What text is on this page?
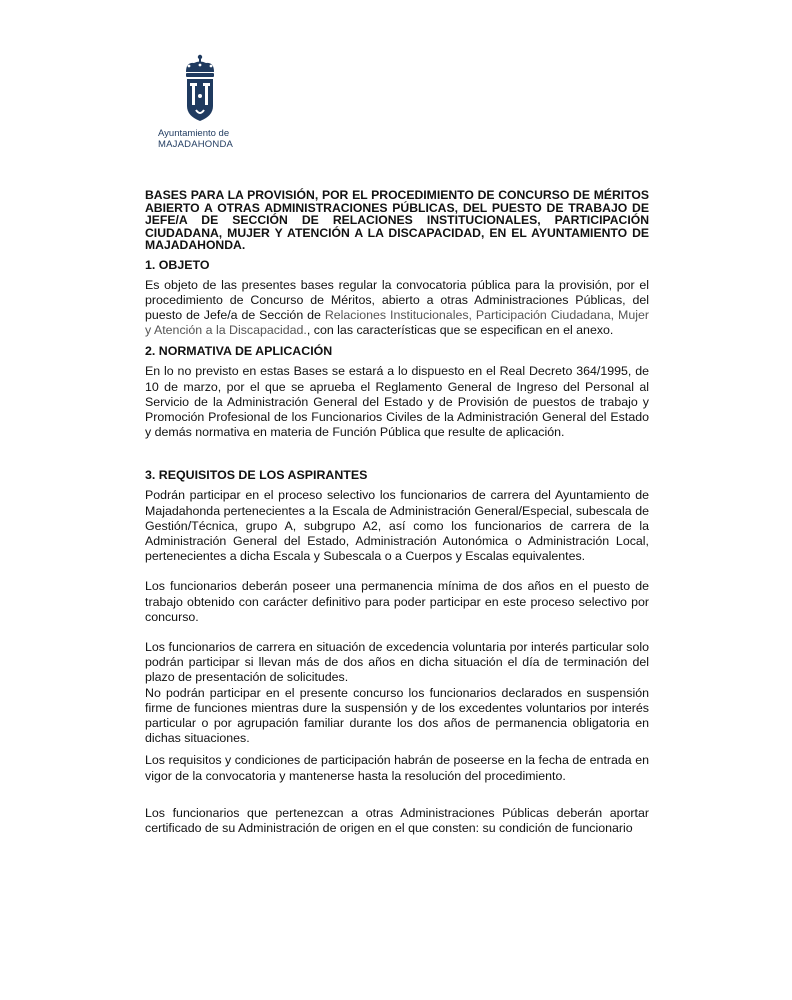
Ayuntamiento de
MAJADAHONDA

BASES PARA LA PROVISIÓN, POR EL PROCEDIMIENTO DE CONCURSO DE MÉRITOS ABIERTO A OTRAS ADMINISTRACIONES PÚBLICAS, DEL PUESTO DE TRABAJO DE JEFE/A DE SECCIÓN DE RELACIONES INSTITUCIONALES, PARTICIPACIÓN CIUDADANA, MUJER Y ATENCIÓN A LA DISCAPACIDAD, EN EL AYUNTAMIENTO DE MAJADAHONDA.

1. OBJETO

Es objeto de las presentes bases regular la convocatoria pública para la provisión, por el procedimiento de Concurso de Méritos, abierto a otras Administraciones Públicas, del puesto de Jefe/a de Sección de Relaciones Institucionales, Participación Ciudadana, Mujer y Atención a la Discapacidad., con las características que se especifican en el anexo.

2. NORMATIVA DE APLICACIÓN

En lo no previsto en estas Bases se estará a lo dispuesto en el Real Decreto 364/1995, de 10 de marzo, por el que se aprueba el Reglamento General de Ingreso del Personal al Servicio de la Administración General del Estado y de Provisión de puestos de trabajo y Promoción Profesional de los Funcionarios Civiles de la Administración General del Estado y demás normativa en materia de Función Pública que resulte de aplicación.

3. REQUISITOS DE LOS ASPIRANTES

Podrán participar en el proceso selectivo los funcionarios de carrera del Ayuntamiento de Majadahonda pertenecientes a la Escala de Administración General/Especial, subescala de Gestión/Técnica, grupo A, subgrupo A2, así como los funcionarios de carrera de la Administración General del Estado, Administración Autonómica o Administración Local, pertenecientes a dicha Escala y Subescala o a Cuerpos y Escalas equivalentes.

Los funcionarios deberán poseer una permanencia mínima de dos años en el puesto de trabajo obtenido con carácter definitivo para poder participar en este proceso selectivo por concurso.

Los funcionarios de carrera en situación de excedencia voluntaria por interés particular solo podrán participar si llevan más de dos años en dicha situación el día de terminación del plazo de presentación de solicitudes.

No podrán participar en el presente concurso los funcionarios declarados en suspensión firme de funciones mientras dure la suspensión y de los excedentes voluntarios por interés particular o por agrupación familiar durante los dos años de permanencia obligatoria en dichas situaciones.

Los requisitos y condiciones de participación habrán de poseerse en la fecha de entrada en vigor de la convocatoria y mantenerse hasta la resolución del procedimiento.

Los funcionarios que pertenezcan a otras Administraciones Públicas deberán aportar certificado de su Administración de origen en el que consten: su condición de funcionario
